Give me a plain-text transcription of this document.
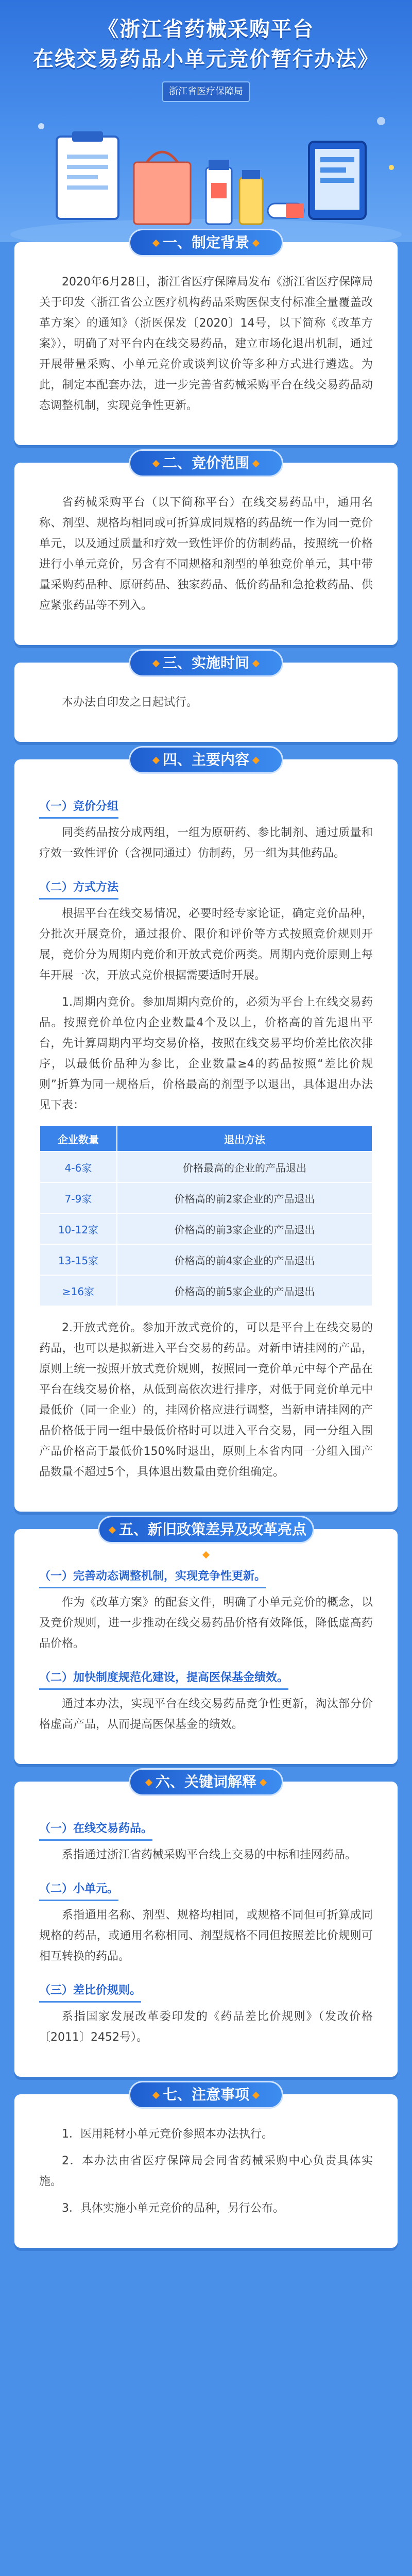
《浙江省药械采购平台
在线交易药品小单元竞价暂行办法》
浙江省医疗保障局
一、制定背景

2020年6月28日，浙江省医疗保障局发布《浙江省医疗保障局关于印发〈浙江省公立医疗机构药品采购医保支付标准全量覆盖改革方案〉的通知》（浙医保发〔2020〕14号，以下简称《改革方案》），明确了对平台内在线交易药品，建立市场化退出机制，通过开展带量采购、小单元竞价或谈判议价等多种方式进行遴选。为此，制定本配套办法，进一步完善省药械采购平台在线交易药品动态调整机制，实现竞争性更新。

二、竞价范围

省药械采购平台（以下简称平台）在线交易药品中，通用名称、剂型、规格均相同或可折算成同规格的药品统一作为同一竞价单元，以及通过质量和疗效一致性评价的仿制药品，按照统一价格进行小单元竞价，另含有不同规格和剂型的单独竞价单元，其中带量采购药品种、原研药品、独家药品、低价药品和急抢救药品、供应紧张药品等不列入。

三、实施时间

本办法自印发之日起试行。

四、主要内容
（一）竞价分组

同类药品按分成两组，一组为原研药、参比制剂、通过质量和疗效一致性评价（含视同通过）仿制药，另一组为其他药品。

（二）方式方法

根据平台在线交易情况，必要时经专家论证，确定竞价品种，分批次开展竞价，通过报价、限价和评价等方式按照竞价规则开展，竞价分为周期内竞价和开放式竞价两类。周期内竞价原则上每年开展一次，开放式竞价根据需要适时开展。

1.周期内竞价。参加周期内竞价的，必须为平台上在线交易药品。按照竞价单位内企业数量4个及以上，价格高的首先退出平台，先计算周期内平均交易价格，按照在线交易平均价差比依次排序，以最低价品种为参比，企业数量≥4的药品按照“差比价规则”折算为同一规格后，价格最高的剂型予以退出，具体退出办法见下表：

企业数量	退出方法
4-6家	价格最高的企业的产品退出
7-9家	价格高的前2家企业的产品退出
10-12家	价格高的前3家企业的产品退出
13-15家	价格高的前4家企业的产品退出
≥16家	价格高的前5家企业的产品退出

2.开放式竞价。参加开放式竞价的，可以是平台上在线交易的药品，也可以是拟新进入平台交易的药品。对新申请挂网的产品，原则上统一按照开放式竞价规则，按照同一竞价单元中每个产品在平台在线交易价格，从低到高依次进行排序，对低于同竞价单元中最低价（同一企业）的，挂网价格应进行调整，当新申请挂网的产品价格低于同一组中最低价格时可以进入平台交易，同一分组入围产品价格高于最低价150%时退出，原则上本省内同一分组入围产品数量不超过5个，具体退出数量由竞价组确定。

五、新旧政策差异及改革亮点
（一）完善动态调整机制，实现竞争性更新。

作为《改革方案》的配套文件，明确了小单元竞价的概念，以及竞价规则，进一步推动在线交易药品价格有效降低，降低虚高药品价格。

（二）加快制度规范化建设，提高医保基金绩效。

通过本办法，实现平台在线交易药品竞争性更新，淘汰部分价格虚高产品，从而提高医保基金的绩效。

六、关键词解释
（一）在线交易药品。

系指通过浙江省药械采购平台线上交易的中标和挂网药品。

（二）小单元。

系指通用名称、剂型、规格均相同，或规格不同但可折算成同规格的药品，或通用名称相同、剂型规格不同但按照差比价规则可相互转换的药品。

（三）差比价规则。

系指国家发展改革委印发的《药品差比价规则》（发改价格〔2011〕2452号）。

七、注意事项

1．医用耗材小单元竞价参照本办法执行。

2．本办法由省医疗保障局会同省药械采购中心负责具体实施。

3．具体实施小单元竞价的品种，另行公布。
